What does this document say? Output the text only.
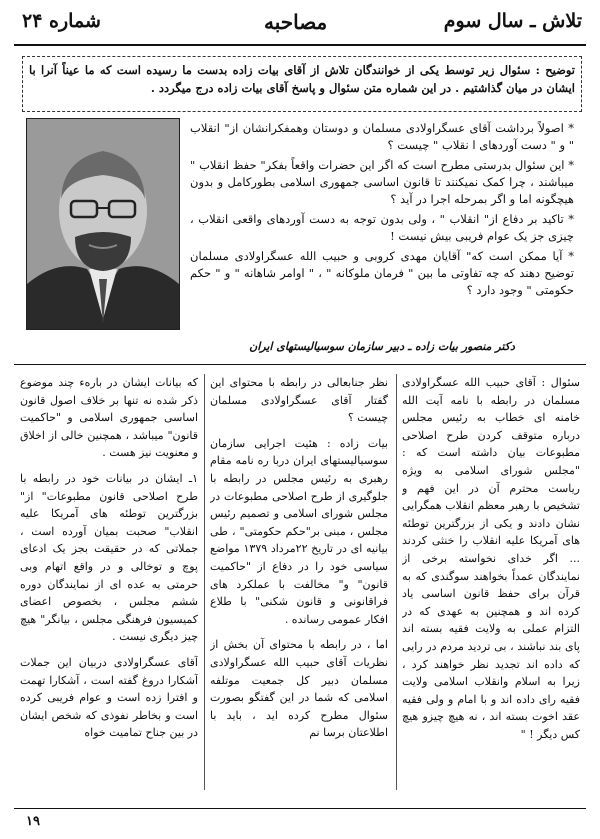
تلاش ـ سال سوم
مصاحبه
شماره ۲۴
توضیح : سئوال زیر توسط یکی از خوانندگان تلاش از آقای بیات زاده بدست ما رسیده است که ما عیناً آنرا با ایشان در میان گذاشتیم . در این شماره متن سئوال و پاسخ آقای بیات زاده درج میگردد .

* اصولاً برداشت آقای عسگراولادی مسلمان و دوستان وهمفکرانشان از" انقلاب " و " دست آوردهای ا نقلاب " چیست ؟

* این سئوال بدرستی مطرح است که اگر این حضرات واقعاً بفکر" حفظ انقلاب " میباشند ، چرا کمک نمیکنند تا قانون اساسی جمهوری اسلامی بطورکامل و بدون هیچگونه اما و اگر بمرحله اجرا در آید ؟

* تاکید بر دفاع از" انقلاب " ، ولی بدون توجه به دست آوردهای واقعی انقلاب ، چیزی جز یک عوام فریبی بیش نیست !

* آیا ممکن است که" آقایان مهدی کروبی و حبیب الله عسگراولادی مسلمان توضیح دهند که چه تفاوتی ما بین " فرمان ملوکانه " ، " اوامر شاهانه " و " حکم حکومتی " وجود دارد ؟

دکتر منصور بیات زاده ـ دبیر سازمان سوسیالیستهای ایران

سئوال : آقای حبیب الله عسگراولادی مسلمان در رابطه با نامه آیت الله خامنه ای خطاب به رئیس مجلس درباره متوقف کردن طرح اصلاحی مطبوعات بیان داشته است که : "مجلس شورای اسلامی به ویژه ریاست محترم آن در این فهم و تشخیص با رهبر معظم انقلاب همگرایی نشان دادند و یکی از بزرگترین توطئه های آمریکا علیه انقلاب را خنثی کردند ... اگر خدای نخواسته برخی از نمایندگان عمداً بخواهند سوگندی که به قرآن برای حفظ قانون اساسی یاد کرده اند و همچنین به عهدی که در التزام عملی به ولایت فقیه بسته اند پای بند نباشند ، بی تردید مردم در رایی که داده اند تجدید نظر خواهند کرد ، زیرا به اسلام وانقلاب اسلامی ولایت فقیه رای داده اند و با امام و ولی فقیه عقد اخوت بسته اند ، نه هیچ چیزو هیچ کس دیگر ! "

نظر جنابعالی در رابطه با محتوای این گفتار آقای عسگراولادی مسلمان چیست ؟

بیات زاده : هئیت اجرایی سازمان سوسیالیستهای ایران دربا ره نامه مقام رهبری به رئیس مجلس در رابطه با جلوگیری از طرح اصلاحی مطبوعات در مجلس شورای اسلامی و تصمیم رئیس مجلس ، مبنی بر"حکم حکومتی" ، طی بیانیه ای در تاریخ ۲۲مرداد ۱۳۷۹ مواضع سیاسی خود را در دفاع از "حاکمیت قانون" و" مخالفت با عملکرد های فراقانونی و قانون شکنی" با طلاع افکار عمومی رسانده .

اما ، در رابطه با محتوای آن بخش از نظریات آقای حبیب الله عسگراولادی مسلمان دبیر کل جمعیت موتلفه اسلامی که شما در این گفتگو بصورت سئوال مطرح کرده اید ، باید با اطلاعتان برسا نم

که بیانات ایشان در بارهء چند موضوع ذکر شده نه تنها بر خلاف اصول قانون اساسی جمهوری اسلامی و "حاکمیت قانون" میباشد ، همچنین خالی از اخلاق و معنویت نیز هست .

۱ـ ایشان در بیانات خود در رابطه با طرح اصلاحی قانون مطبوعات" از" بزرگترین توطئه های آمریکا علیه انقلاب" صحبت بمیان آورده است ، جملاتی که در حقیقت بجز یک ادعای پوچ و توخالی و در واقع اتهام وبی حرمتی به عده ای از نمایندگان دوره ششم مجلس ، بخصوص اعضای کمیسیون فرهنگی مجلس ، بیانگر" هیچ چیز دیگری نیست .

آقای عسگراولادی دربیان این جملات آشکارا دروغ گفته است ، آشکارا تهمت و افترا زده است و عوام فریبی کرده است و بخاطر نفوذی که شخص ایشان در بین جناح تمامیت خواه

۱۹
